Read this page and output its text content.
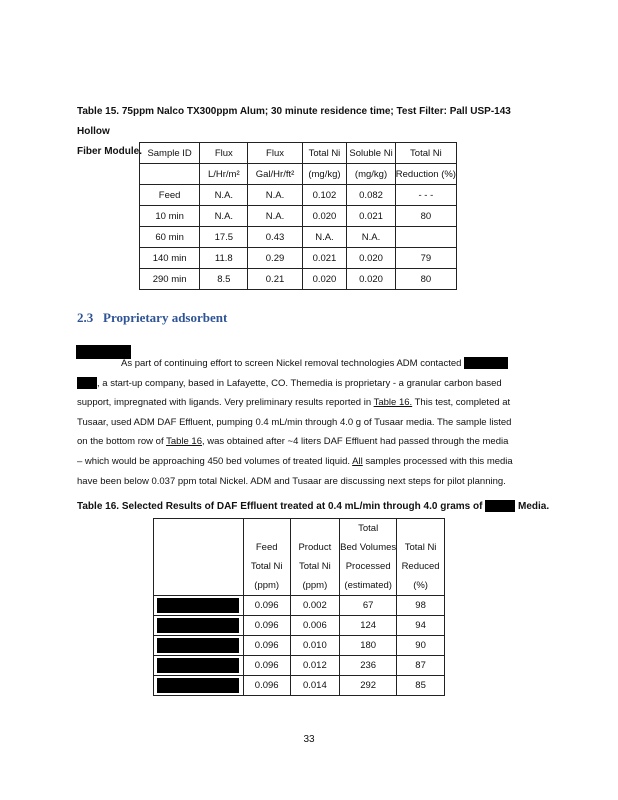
Table 15. 75ppm Nalco TX300ppm Alum; 30 minute residence time; Test Filter: Pall USP-143 Hollow
Fiber Module. Sample ID	Flux	Flux	Total Ni	Soluble Ni	Total Ni
	L/Hr/m²	Gal/Hr/ft²	(mg/kg)	(mg/kg)	Reduction (%)
Feed	N.A.	N.A.	0.102	0.082	- - -
10 min	N.A.	N.A.	0.020	0.021	80
60 min	17.5	0.43	N.A.	N.A.	
140 min	11.8	0.29	0.021	0.020	79
290 min	8.5	0.21	0.020	0.020	80
2.3 Proprietary adsorbent
As part of continuing effort to screen Nickel removal technologies ADM contacted
, a start-up company, based in Lafayette, CO. Themedia is proprietary - a granular carbon based
support, impregnated with ligands. Very preliminary results reported in Table 16. This test, completed at
Tusaar, used ADM DAF Effluent, pumping 0.4 mL/min through 4.0 g of Tusaar media. The sample listed
on the bottom row of Table 16, was obtained after ~4 liters DAF Effluent had passed through the media
– which would be approaching 450 bed volumes of treated liquid. All samples processed with this media
have been below 0.037 ppm total Nickel. ADM and Tusaar are discussing next steps for pilot planning.
Table 16. Selected Results of DAF Effluent treated at 0.4 mL/min through 4.0 grams of	Media.
			Total	
	Feed	Product	Bed Volumes	Total Ni
	Total Ni	Total Ni	Processed	Reduced
	(ppm)	(ppm)	(estimated)	(%)

	0.096	0.002	67	98

	0.096	0.006	124	94

	0.096	0.010	180	90

	0.096	0.012	236	87

	0.096	0.014	292	85
33
